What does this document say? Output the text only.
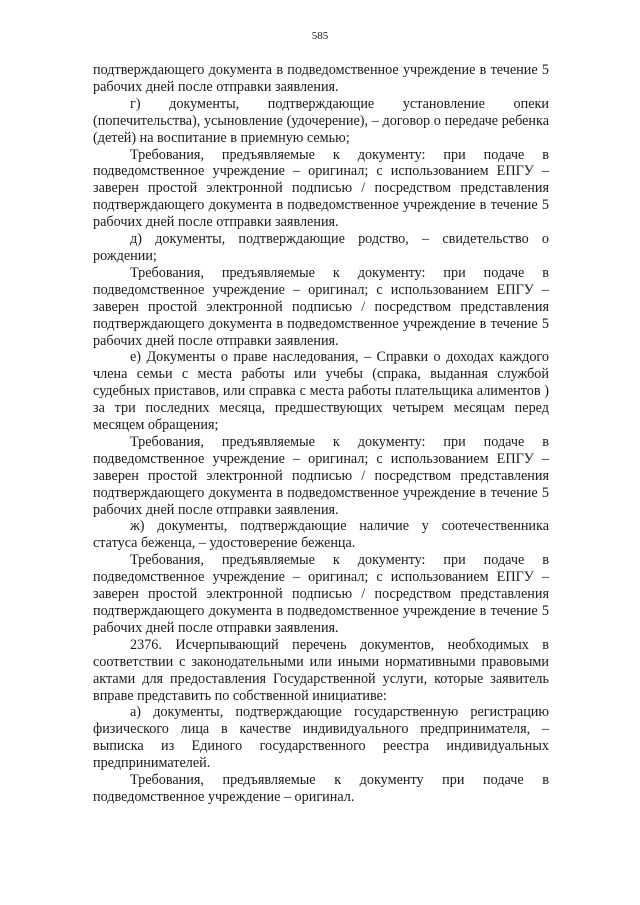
585

подтверждающего документа в подведомственное учреждение в течение 5 рабочих дней после отправки заявления.

г) документы, подтверждающие установление опеки (попечительства), усыновление (удочерение), – договор о передаче ребенка (детей) на воспитание в приемную семью;

Требования, предъявляемые к документу: при подаче в подведомственное учреждение – оригинал; с использованием ЕПГУ – заверен простой электронной подписью / посредством представления подтверждающего документа в подведомственное учреждение в течение 5 рабочих дней после отправки заявления.

д) документы, подтверждающие родство, – свидетельство о рождении;

Требования, предъявляемые к документу: при подаче в подведомственное учреждение – оригинал; с использованием ЕПГУ – заверен простой электронной подписью / посредством представления подтверждающего документа в подведомственное учреждение в течение 5 рабочих дней после отправки заявления.

е) Документы о праве наследования, – Справки о доходах каждого члена семьи с места работы или учебы (спрака, выданная службой судебных приставов, или справка с места работы плательщика алиментов ) за три последних месяца, предшествующих четырем месяцам перед месяцем обращения;

Требования, предъявляемые к документу: при подаче в подведомственное учреждение – оригинал; с использованием ЕПГУ – заверен простой электронной подписью / посредством представления подтверждающего документа в подведомственное учреждение в течение 5 рабочих дней после отправки заявления.

ж) документы, подтверждающие наличие у соотечественника статуса беженца, – удостоверение беженца.

Требования, предъявляемые к документу: при подаче в подведомственное учреждение – оригинал; с использованием ЕПГУ – заверен простой электронной подписью / посредством представления подтверждающего документа в подведомственное учреждение в течение 5 рабочих дней после отправки заявления.

2376. Исчерпывающий перечень документов, необходимых в соответствии с законодательными или иными нормативными правовыми актами для предоставления Государственной услуги, которые заявитель вправе представить по собственной инициативе:

а) документы, подтверждающие государственную регистрацию физического лица в качестве индивидуального предпринимателя, – выписка из Единого государственного реестра индивидуальных предпринимателей.

Требования, предъявляемые к документу при подаче в подведомственное учреждение – оригинал.
